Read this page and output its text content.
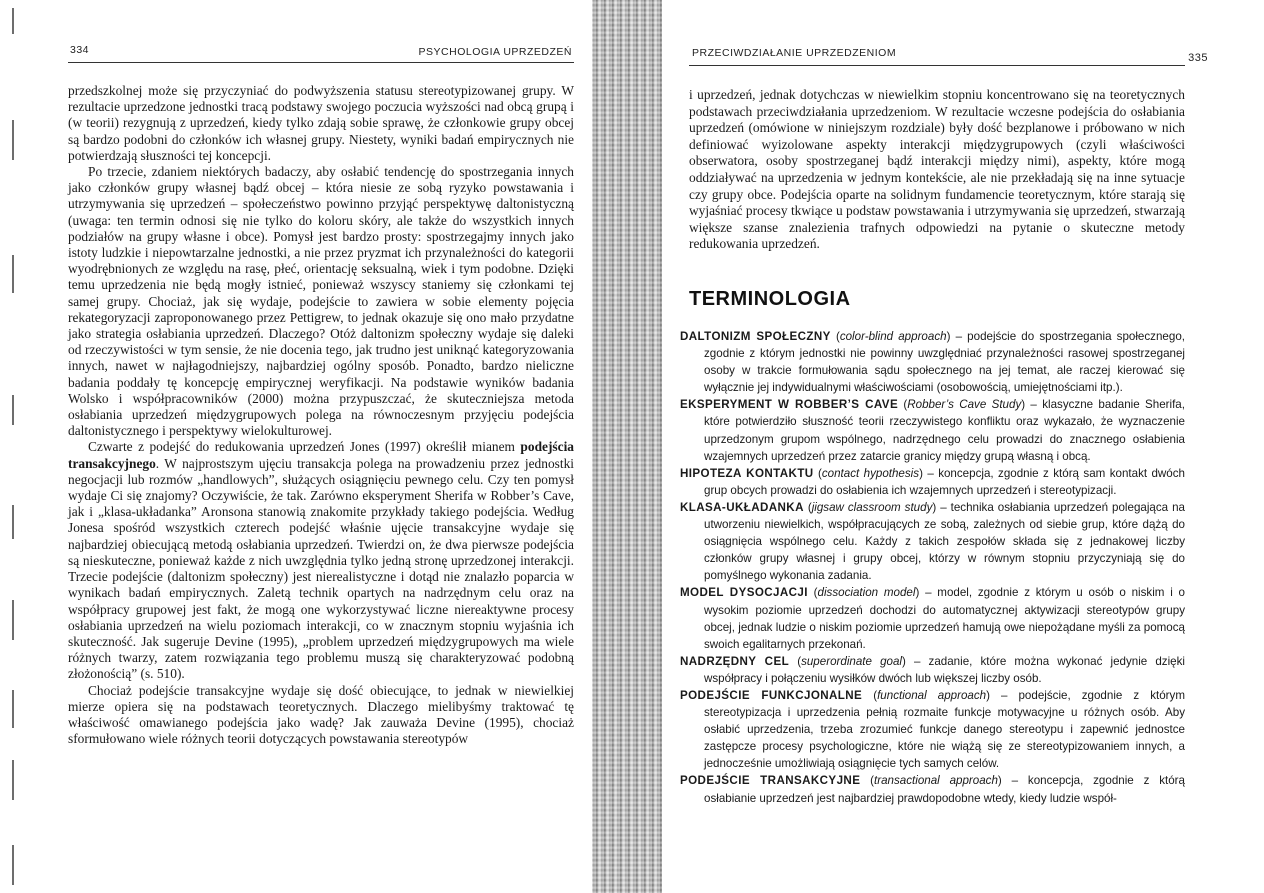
334	PSYCHOLOGIA UPRZEDZEŃ

przedszkolnej może się przyczyniać do podwyższenia statusu stereotypizowanej grupy. W rezultacie uprzedzone jednostki tracą podstawy swojego poczucia wyższości nad obcą grupą i (w teorii) rezygnują z uprzedzeń, kiedy tylko zdają sobie sprawę, że członkowie grupy obcej są bardzo podobni do członków ich własnej grupy. Niestety, wyniki badań empirycznych nie potwierdzają słuszności tej koncepcji.

Po trzecie, zdaniem niektórych badaczy, aby osłabić tendencję do spostrzegania innych jako członków grupy własnej bądź obcej – która niesie ze sobą ryzyko powstawania i utrzymywania się uprzedzeń – społeczeństwo powinno przyjąć perspektywę daltonistyczną (uwaga: ten termin odnosi się nie tylko do koloru skóry, ale także do wszystkich innych podziałów na grupy własne i obce). Pomysł jest bardzo prosty: spostrzegajmy innych jako istoty ludzkie i niepowtarzalne jednostki, a nie przez pryzmat ich przynależności do kategorii wyodrębnionych ze względu na rasę, płeć, orientację seksualną, wiek i tym podobne. Dzięki temu uprzedzenia nie będą mogły istnieć, ponieważ wszyscy staniemy się członkami tej samej grupy. Chociaż, jak się wydaje, podejście to zawiera w sobie elementy pojęcia rekategoryzacji zaproponowanego przez Pettigrew, to jednak okazuje się ono mało przydatne jako strategia osłabiania uprzedzeń. Dlaczego? Otóż daltonizm społeczny wydaje się daleki od rzeczywistości w tym sensie, że nie docenia tego, jak trudno jest uniknąć kategoryzowania innych, nawet w najłagodniejszy, najbardziej ogólny sposób. Ponadto, bardzo nieliczne badania poddały tę koncepcję empirycznej weryfikacji. Na podstawie wyników badania Wolsko i współpracowników (2000) można przypuszczać, że skuteczniejsza metoda osłabiania uprzedzeń międzygrupowych polega na równoczesnym przyjęciu podejścia daltonistycznego i perspektywy wielokulturowej.

Czwarte z podejść do redukowania uprzedzeń Jones (1997) określił mianem podejścia transakcyjnego. W najprostszym ujęciu transakcja polega na prowadzeniu przez jednostki negocjacji lub rozmów „handlowych”, służących osiągnięciu pewnego celu. Czy ten pomysł wydaje Ci się znajomy? Oczywiście, że tak. Zarówno eksperyment Sherifa w Robber’s Cave, jak i „klasa-układanka” Aronsona stanowią znakomite przykłady takiego podejścia. Według Jonesa spośród wszystkich czterech podejść właśnie ujęcie transakcyjne wydaje się najbardziej obiecującą metodą osłabiania uprzedzeń. Twierdzi on, że dwa pierwsze podejścia są nieskuteczne, ponieważ każde z nich uwzględnia tylko jedną stronę uprzedzonej interakcji. Trzecie podejście (daltonizm społeczny) jest nierealistyczne i dotąd nie znalazło poparcia w wynikach badań empirycznych. Zaletą technik opartych na nadrzędnym celu oraz na współpracy grupowej jest fakt, że mogą one wykorzystywać liczne niereaktywne procesy osłabiania uprzedzeń na wielu poziomach interakcji, co w znacznym stopniu wyjaśnia ich skuteczność. Jak sugeruje Devine (1995), „problem uprzedzeń międzygrupowych ma wiele różnych twarzy, zatem rozwiązania tego problemu muszą się charakteryzować podobną złożonością” (s. 510).

Chociaż podejście transakcyjne wydaje się dość obiecujące, to jednak w niewielkiej mierze opiera się na podstawach teoretycznych. Dlaczego mielibyśmy traktować tę właściwość omawianego podejścia jako wadę? Jak zauważa Devine (1995), chociaż sformułowano wiele różnych teorii dotyczących powstawania stereotypów

PRZECIWDZIAŁANIE UPRZEDZENIOM	335

i uprzedzeń, jednak dotychczas w niewielkim stopniu koncentrowano się na teoretycznych podstawach przeciwdziałania uprzedzeniom. W rezultacie wczesne podejścia do osłabiania uprzedzeń (omówione w niniejszym rozdziale) były dość bezplanowe i próbowano w nich definiować wyizolowane aspekty interakcji międzygrupowych (czyli właściwości obserwatora, osoby spostrzeganej bądź interakcji między nimi), aspekty, które mogą oddziaływać na uprzedzenia w jednym kontekście, ale nie przekładają się na inne sytuacje czy grupy obce. Podejścia oparte na solidnym fundamencie teoretycznym, które starają się wyjaśniać procesy tkwiące u podstaw powstawania i utrzymywania się uprzedzeń, stwarzają większe szanse znalezienia trafnych odpowiedzi na pytanie o skuteczne metody redukowania uprzedzeń.

TERMINOLOGIA

DALTONIZM SPOŁECZNY (color-blind approach) – podejście do spostrzegania społecznego, zgodnie z którym jednostki nie powinny uwzględniać przynależności rasowej spostrzeganej osoby w trakcie formułowania sądu społecznego na jej temat, ale raczej kierować się wyłącznie jej indywidualnymi właściwościami (osobowością, umiejętnościami itp.).

EKSPERYMENT W ROBBER’S CAVE (Robber’s Cave Study) – klasyczne badanie Sherifa, które potwierdziło słuszność teorii rzeczywistego konfliktu oraz wykazało, że wyznaczenie uprzedzonym grupom wspólnego, nadrzędnego celu prowadzi do znacznego osłabienia wzajemnych uprzedzeń przez zatarcie granicy między grupą własną i obcą.

HIPOTEZA KONTAKTU (contact hypothesis) – koncepcja, zgodnie z którą sam kontakt dwóch grup obcych prowadzi do osłabienia ich wzajemnych uprzedzeń i stereotypizacji.

KLASA-UKŁADANKA (jigsaw classroom study) – technika osłabiania uprzedzeń polegająca na utworzeniu niewielkich, współpracujących ze sobą, zależnych od siebie grup, które dążą do osiągnięcia wspólnego celu. Każdy z takich zespołów składa się z jednakowej liczby członków grupy własnej i grupy obcej, którzy w równym stopniu przyczyniają się do pomyślnego wykonania zadania.

MODEL DYSOCJACJI (dissociation model) – model, zgodnie z którym u osób o niskim i o wysokim poziomie uprzedzeń dochodzi do automatycznej aktywizacji stereotypów grupy obcej, jednak ludzie o niskim poziomie uprzedzeń hamują owe niepożądane myśli za pomocą swoich egalitarnych przekonań.

NADRZĘDNY CEL (superordinate goal) – zadanie, które można wykonać jedynie dzięki współpracy i połączeniu wysiłków dwóch lub większej liczby osób.

PODEJŚCIE FUNKCJONALNE (functional approach) – podejście, zgodnie z którym stereotypizacja i uprzedzenia pełnią rozmaite funkcje motywacyjne u różnych osób. Aby osłabić uprzedzenia, trzeba zrozumieć funkcje danego stereotypu i zapewnić jednostce zastępcze procesy psychologiczne, które nie wiążą się ze stereotypizowaniem innych, a jednocześnie umożliwiają osiągnięcie tych samych celów.

PODEJŚCIE TRANSAKCYJNE (transactional approach) – koncepcja, zgodnie z którą osłabianie uprzedzeń jest najbardziej prawdopodobne wtedy, kiedy ludzie współ-
